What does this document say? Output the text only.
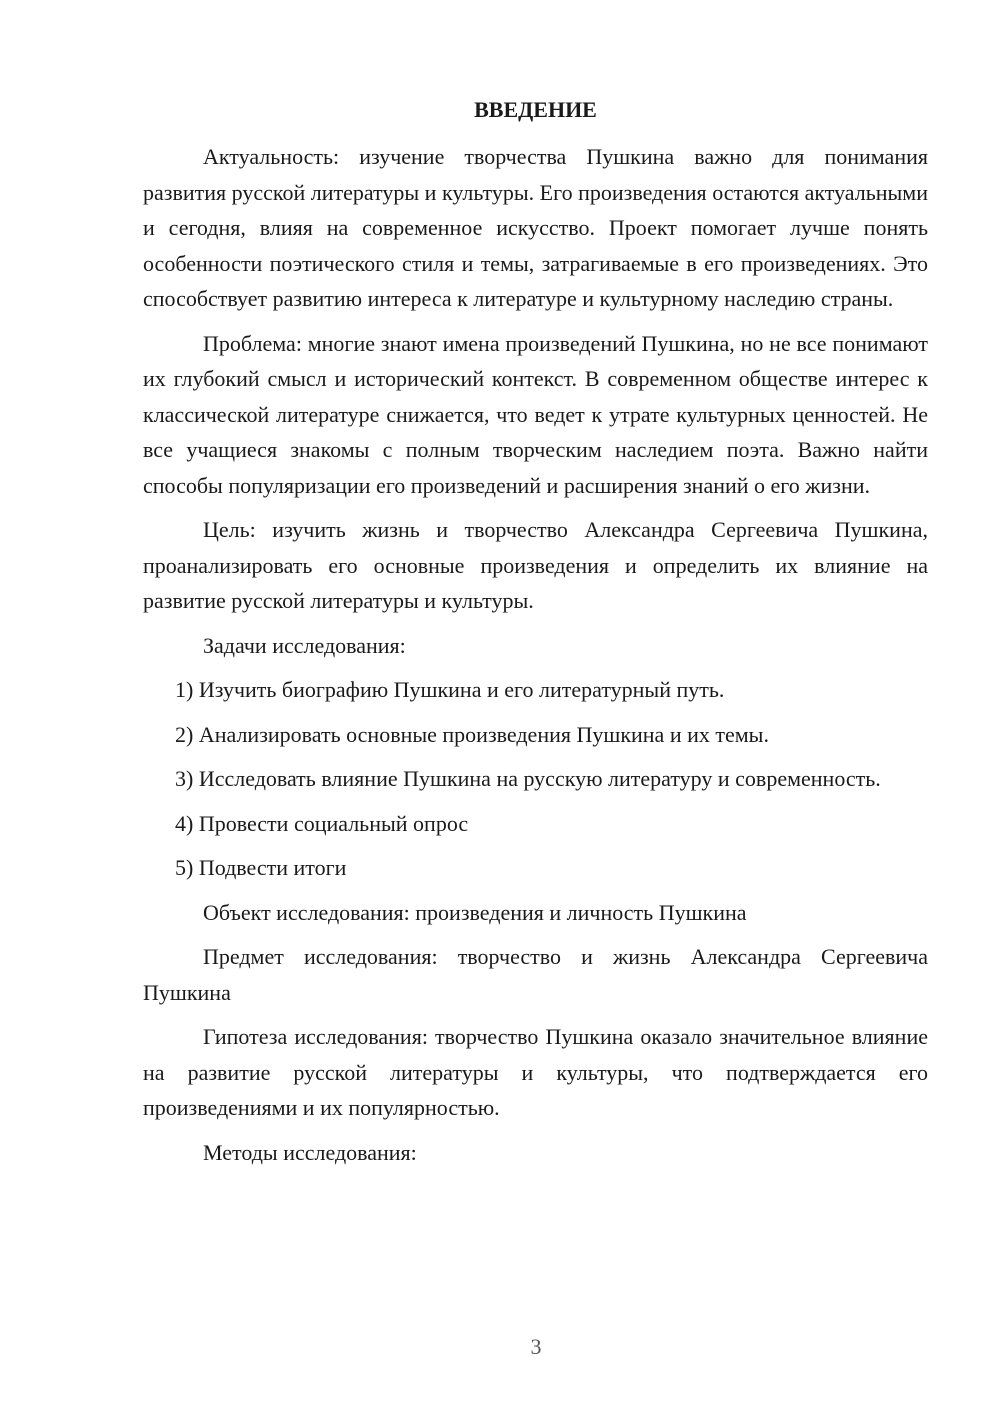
ВВЕДЕНИЕ

Актуальность: изучение творчества Пушкина важно для понимания развития русской литературы и культуры. Его произведения остаются актуальными и сегодня, влияя на современное искусство. Проект помогает лучше понять особенности поэтического стиля и темы, затрагиваемые в его произведениях. Это способствует развитию интереса к литературе и культурному наследию страны.

Проблема: многие знают имена произведений Пушкина, но не все понимают их глубокий смысл и исторический контекст. В современном обществе интерес к классической литературе снижается, что ведет к утрате культурных ценностей. Не все учащиеся знакомы с полным творческим наследием поэта. Важно найти способы популяризации его произведений и расширения знаний о его жизни.

Цель: изучить жизнь и творчество Александра Сергеевича Пушкина, проанализировать его основные произведения и определить их влияние на развитие русской литературы и культуры.

Задачи исследования:

1) Изучить биографию Пушкина и его литературный путь.

2) Анализировать основные произведения Пушкина и их темы.

3) Исследовать влияние Пушкина на русскую литературу и современность.

4) Провести социальный опрос

5) Подвести итоги

Объект исследования: произведения и личность Пушкина

Предмет исследования: творчество и жизнь Александра Сергеевича Пушкина

Гипотеза исследования: творчество Пушкина оказало значительное влияние на развитие русской литературы и культуры, что подтверждается его произведениями и их популярностью.

Методы исследования:

3
